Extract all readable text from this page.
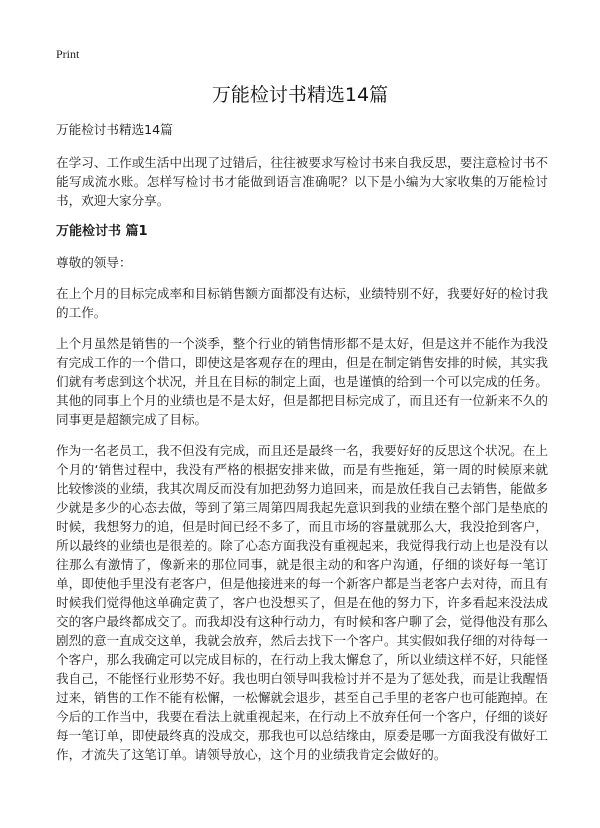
Print
万能检讨书精选14篇

万能检讨书精选14篇

在学习、工作或生活中出现了过错后，往往被要求写检讨书来自我反思，要注意检讨书不能写成流水账。怎样写检讨书才能做到语言准确呢？以下是小编为大家收集的万能检讨书，欢迎大家分享。

万能检讨书 篇1

尊敬的领导：

在上个月的目标完成率和目标销售额方面都没有达标，业绩特别不好，我要好好的检讨我的工作。

上个月虽然是销售的一个淡季，整个行业的销售情形都不是太好，但是这并不能作为我没有完成工作的一个借口，即使这是客观存在的理由，但是在制定销售安排的时候，其实我们就有考虑到这个状况，并且在目标的制定上面，也是谨慎的给到一个可以完成的任务。其他的同事上个月的业绩也是不是太好，但是都把目标完成了，而且还有一位新来不久的同事更是超额完成了目标。

作为一名老员工，我不但没有完成，而且还是最终一名，我要好好的反思这个状况。在上个月的‘销售过程中，我没有严格的根据安排来做，而是有些拖延，第一周的时候原来就比较惨淡的业绩，我其次周反而没有加把劲努力追回来，而是放任我自己去销售，能做多少就是多少的心态去做，等到了第三周第四周我起先意识到我的业绩在整个部门是垫底的时候，我想努力的追，但是时间已经不多了，而且市场的容量就那么大，我没抢到客户，所以最终的业绩也是很差的。除了心态方面我没有重视起来，我觉得我行动上也是没有以往那么有激情了，像新来的那位同事，就是很主动的和客户沟通，仔细的谈好每一笔订单，即使他手里没有老客户，但是他接进来的每一个新客户都是当老客户去对待，而且有时候我们觉得他这单确定黄了，客户也没想买了，但是在他的努力下，许多看起来没法成交的客户最终都成交了。而我却没有这种行动力，有时候和客户聊了会，觉得他没有那么剧烈的意一直成交这单，我就会放弃，然后去找下一个客户。其实假如我仔细的对待每一个客户，那么我确定可以完成目标的，在行动上我太懈怠了，所以业绩这样不好，只能怪我自己，不能怪行业形势不好。我也明白领导叫我检讨并不是为了惩处我，而是让我醒悟过来，销售的工作不能有松懈，一松懈就会退步，甚至自己手里的老客户也可能跑掉。在今后的工作当中，我要在看法上就重视起来，在行动上不放弃任何一个客户，仔细的谈好每一笔订单，即使最终真的没成交，那我也可以总结缘由，原委是哪一方面我没有做好工作，才流失了这笔订单。请领导放心，这个月的业绩我肯定会做好的。
